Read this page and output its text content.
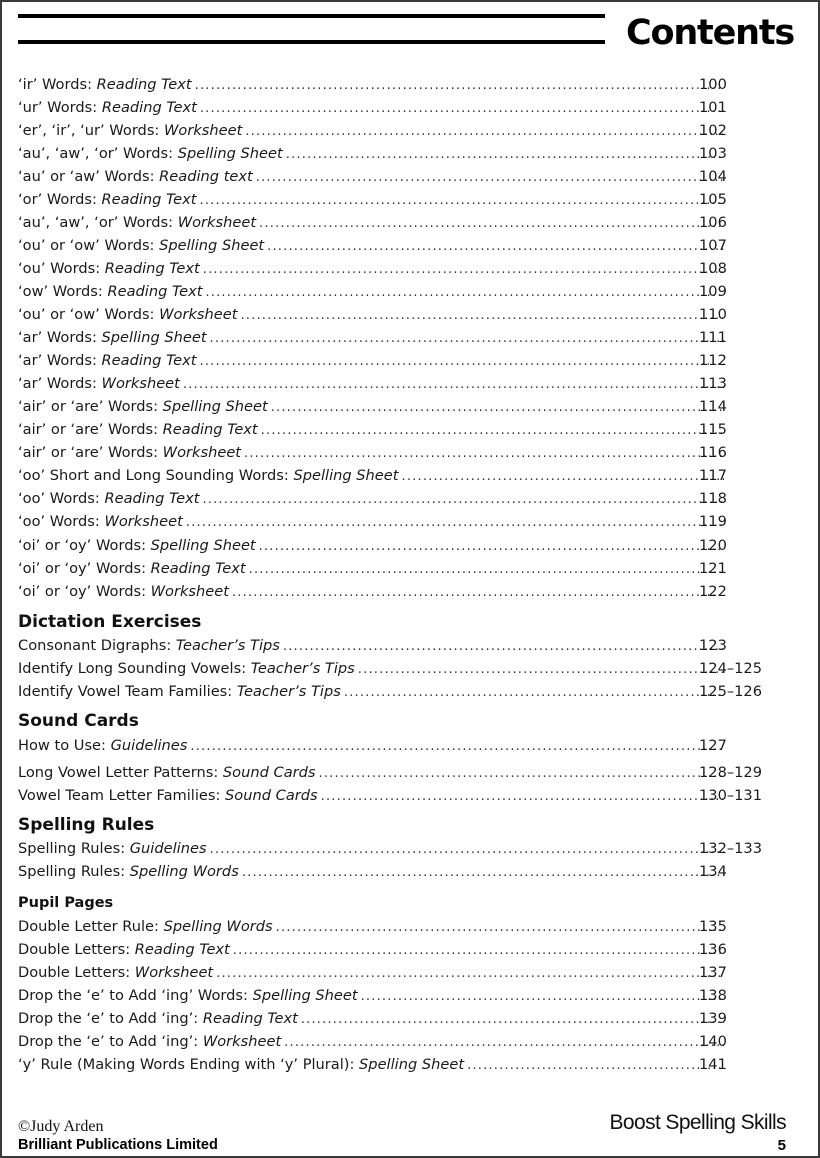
Contents
‘ir’ Words: Reading Text .....	100
‘ur’ Words: Reading Text .....	101
‘er’, ‘ir’, ‘ur’ Words: Worksheet .....	102
‘au’, ‘aw’, ‘or’ Words: Spelling Sheet .....	103
‘au’ or ‘aw’ Words: Reading text .....	104
‘or’ Words: Reading Text .....	105
‘au’, ‘aw’, ‘or’ Words: Worksheet .....	106
‘ou’ or ‘ow’ Words: Spelling Sheet .....	107
‘ou’ Words: Reading Text .....	108
‘ow’ Words: Reading Text .....	109
‘ou’ or ‘ow’ Words: Worksheet .....	110
‘ar’ Words: Spelling Sheet .....	111
‘ar’ Words: Reading Text .....	112
‘ar’ Words: Worksheet .....	113
‘air’ or ‘are’ Words: Spelling Sheet .....	114
‘air’ or ‘are’ Words: Reading Text .....	115
‘air’ or ‘are’ Words: Worksheet .....	116
‘oo’ Short and Long Sounding Words: Spelling Sheet .....	117
‘oo’ Words: Reading Text .....	118
‘oo’ Words: Worksheet .....	119
‘oi’ or ‘oy’ Words: Spelling Sheet .....	120
‘oi’ or ‘oy’ Words: Reading Text .....	121
‘oi’ or ‘oy’ Words: Worksheet .....	122
Dictation Exercises
Consonant Digraphs: Teacher’s Tips .....	123
Identify Long Sounding Vowels: Teacher’s Tips .....	124–125
Identify Vowel Team Families: Teacher’s Tips .....	125–126
Sound Cards
How to Use: Guidelines .....	127
Long Vowel Letter Patterns: Sound Cards .....	128–129
Vowel Team Letter Families: Sound Cards .....	130–131
Spelling Rules
Spelling Rules: Guidelines .....	132–133
Spelling Rules: Spelling Words .....	134
Pupil Pages
Double Letter Rule: Spelling Words .....	135
Double Letters: Reading Text .....	136
Double Letters: Worksheet .....	137
Drop the ‘e’ to Add ‘ing’ Words: Spelling Sheet .....	138
Drop the ‘e’ to Add ‘ing’: Reading Text .....	139
Drop the ‘e’ to Add ‘ing’: Worksheet .....	140
‘y’ Rule (Making Words Ending with ‘y’ Plural): Spelling Sheet .....	141
©Judy Arden
Brilliant Publications Limited
Boost Spelling Skills
5
